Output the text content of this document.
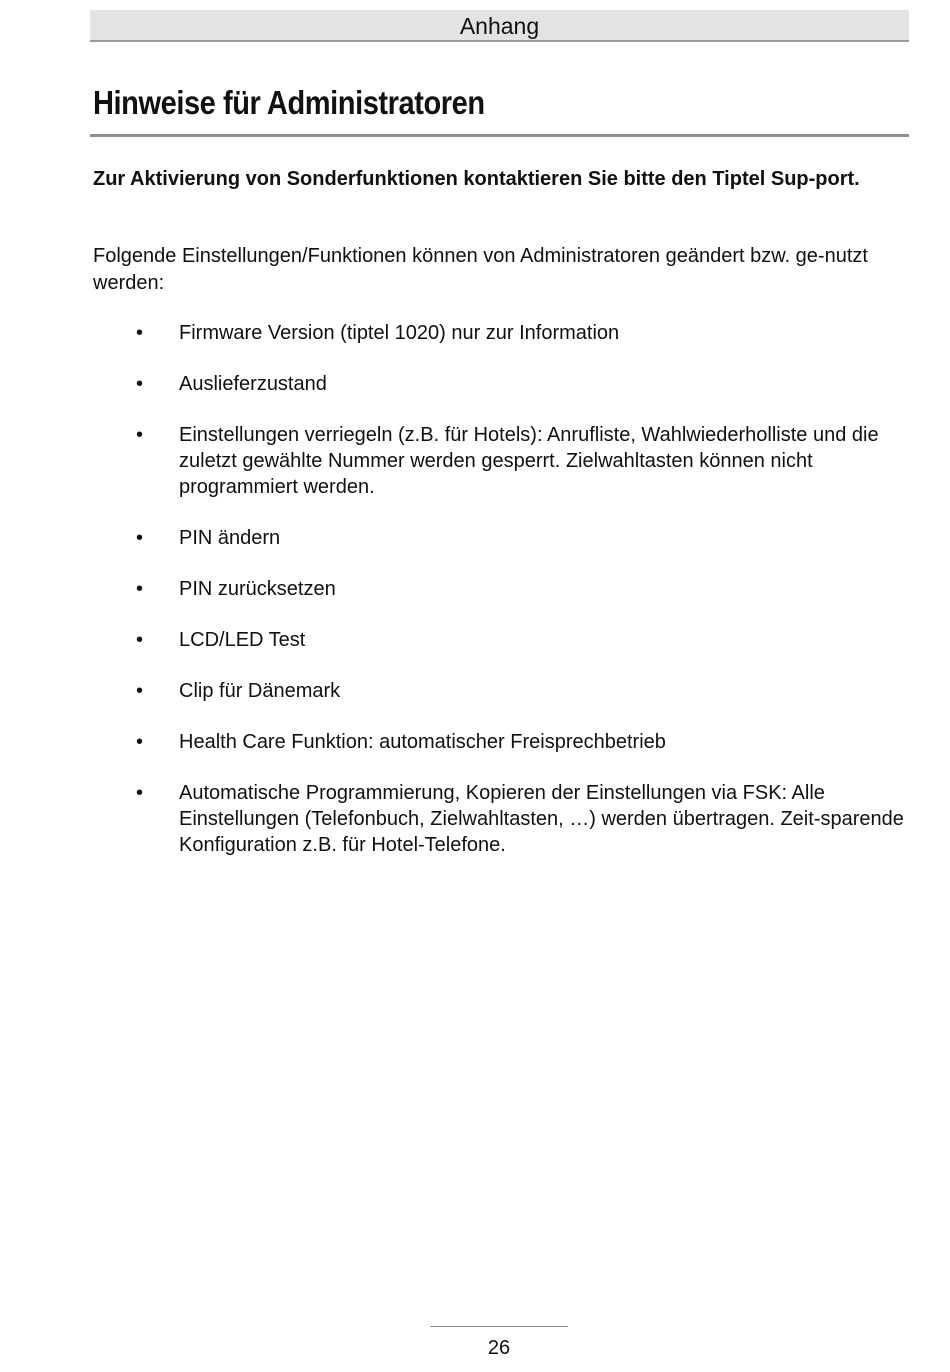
Anhang
Hinweise für Administratoren

Zur Aktivierung von Sonderfunktionen kontaktieren Sie bitte den Tiptel Sup-port.

Folgende Einstellungen/Funktionen können von Administratoren geändert bzw. ge-nutzt werden:

• Firmware Version (tiptel 1020) nur zur Information
• Auslieferzustand
• Einstellungen verriegeln (z.B. für Hotels): Anrufliste, Wahlwiederholliste und die zuletzt gewählte Nummer werden gesperrt. Zielwahltasten können nicht programmiert werden.
• PIN ändern
• PIN zurücksetzen
• LCD/LED Test
• Clip für Dänemark
• Health Care Funktion: automatischer Freisprechbetrieb
• Automatische Programmierung, Kopieren der Einstellungen via FSK: Alle Einstellungen (Telefonbuch, Zielwahltasten, …) werden übertragen. Zeit-sparende Konfiguration z.B. für Hotel-Telefone.
26
